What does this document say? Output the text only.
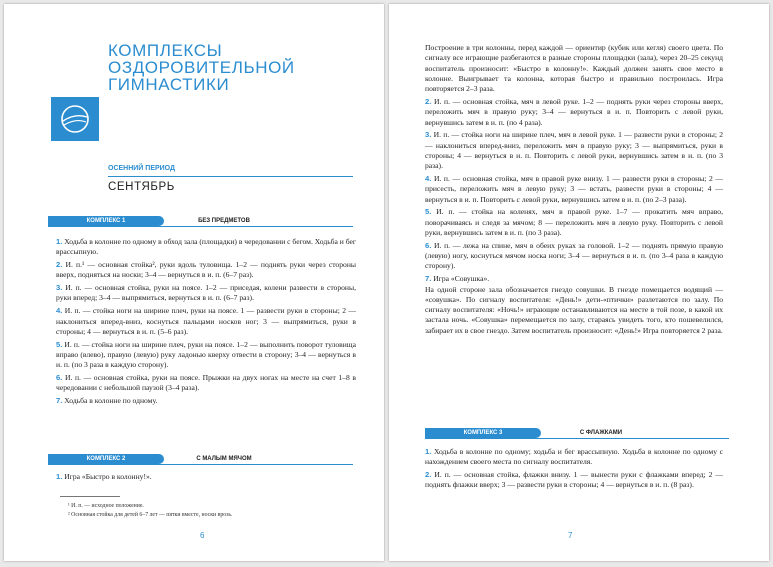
КОМПЛЕКСЫ
ОЗДОРОВИТЕЛЬНОЙ
ГИМНАСТИКИ
ОСЕННИЙ ПЕРИОД
СЕНТЯБРЬ
КОМПЛЕКС 1	БЕЗ ПРЕДМЕТОВ

1. Ходьба в колонне по одному в обход зала (площадки) в чередовании с бегом. Ходьба и бег врассыпную.

2. И. п.¹ — основная стойка², руки вдоль туловища. 1–2 — поднять руки через стороны вверх, подняться на носки; 3–4 — вернуться в и. п. (6–7 раз).

3. И. п. — основная стойка, руки на поясе. 1–2 — приседая, колени развести в стороны, руки вперед; 3–4 — выпрямиться, вернуться в и. п. (6–7 раз).

4. И. п. — стойка ноги на ширине плеч, руки на поясе. 1 — развести руки в стороны; 2 — наклониться вперед-вниз, коснуться пальцами носков ног; 3 — выпрямиться, руки в стороны; 4 — вернуться в и. п. (5–6 раз).

5. И. п. — стойка ноги на ширине плеч, руки на поясе. 1–2 — выполнить поворот туловища вправо (влево), правую (левую) руку ладонью кверху отвести в сторону; 3–4 — вернуться в и. п. (по 3 раза в каждую сторону).

6. И. п. — основная стойка, руки на поясе. Прыжки на двух ногах на месте на счет 1–8 в чередовании с небольшой паузой (3–4 раза).

7. Ходьба в колонне по одному.

КОМПЛЕКС 2	С МАЛЫМ МЯЧОМ

1. Игра «Быстро в колонну!».

¹ И. п. — исходное положение.
² Основная стойка для детей 6–7 лет — пятки вместе, носки врозь.
6

Построение в три колонны, перед каждой — ориентир (кубик или кегля) своего цвета. По сигналу все играющие разбегаются в разные стороны площадки (зала), через 20–25 секунд воспитатель произносит: «Быстро в колонну!». Каждый должен занять свое место в колонне. Выигрывает та колонна, которая быстро и правильно построилась. Игра повторяется 2–3 раза.

2. И. п. — основная стойка, мяч в левой руке. 1–2 — поднять руки через стороны вверх, переложить мяч в правую руку; 3–4 — вернуться в и. п. Повторить с левой руки, вернувшись затем в и. п. (по 4 раза).

3. И. п. — стойка ноги на ширине плеч, мяч в левой руке. 1 — развести руки в стороны; 2 — наклониться вперед-вниз, переложить мяч в правую руку; 3 — выпрямиться, руки в стороны; 4 — вернуться в и. п. Повторить с левой руки, вернувшись затем в и. п. (по 3 раза).

4. И. п. — основная стойка, мяч в правой руке внизу. 1 — развести руки в стороны; 2 — присесть, переложить мяч в левую руку; 3 — встать, развести руки в стороны; 4 — вернуться в и. п. Повторить с левой руки, вернувшись затем в и. п. (по 2–3 раза).

5. И. п. — стойка на коленях, мяч в правой руке. 1–7 — прокатить мяч вправо, поворачиваясь и следя за мячом; 8 — переложить мяч в левую руку. Повторить с левой руки, вернувшись затем в и. п. (по 3 раза).

6. И. п. — лежа на спине, мяч в обеих руках за головой. 1–2 — поднять прямую правую (левую) ногу, коснуться мячом носка ноги; 3–4 — вернуться в и. п. (по 3–4 раза в каждую сторону).

7. Игра «Совушка».

На одной стороне зала обозначается гнездо совушки. В гнезде помещается водящий — «совушка». По сигналу воспитателя: «День!» дети-«птички» разлетаются по залу. По сигналу воспитателя: «Ночь!» играющие останавливаются на месте в той позе, в какой их застала ночь. «Совушка» перемещается по залу, стараясь увидеть того, кто пошевелился, забирает их в свое гнездо. Затем воспитатель произносит: «День!» Игра повторяется 2 раза.

КОМПЛЕКС 3	С ФЛАЖКАМИ

1. Ходьба в колонне по одному; ходьба и бег врассыпную. Ходьба в колонне по одному с нахождением своего места по сигналу воспитателя.

2. И. п. — основная стойка, флажки внизу. 1 — вынести руки с флажками вперед; 2 — поднять флажки вверх; 3 — развести руки в стороны; 4 — вернуться в и. п. (8 раз).

7
